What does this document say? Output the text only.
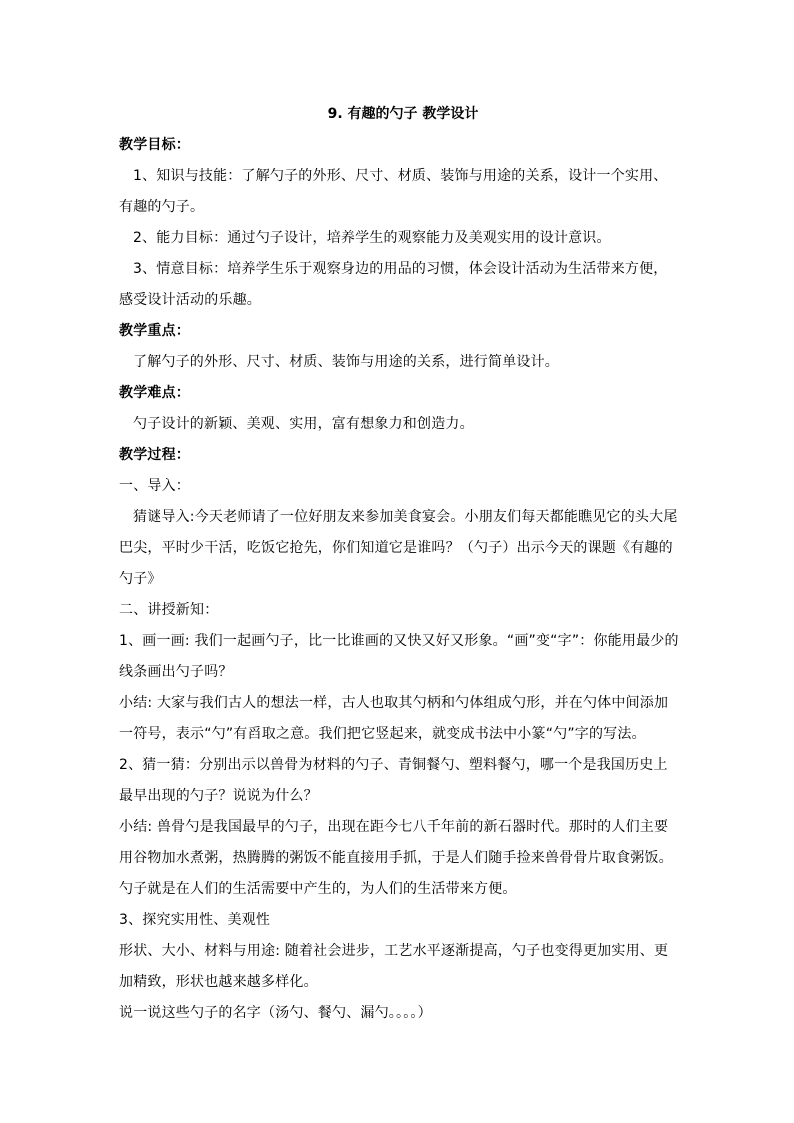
9. 有趣的勺子 教学设计

教学目标：

1、知识与技能：了解勺子的外形、尺寸、材质、装饰与用途的关系，设计一个实用、有趣的勺子。

2、能力目标：通过勺子设计，培养学生的观察能力及美观实用的设计意识。

3、情意目标：培养学生乐于观察身边的用品的习惯，体会设计活动为生活带来方便，感受设计活动的乐趣。

教学重点：

了解勺子的外形、尺寸、材质、装饰与用途的关系，进行简单设计。

教学难点：

勺子设计的新颖、美观、实用，富有想象力和创造力。

教学过程：

一、导入：

猜谜导入:今天老师请了一位好朋友来参加美食宴会。小朋友们每天都能瞧见它的头大尾巴尖，平时少干活，吃饭它抢先，你们知道它是谁吗？（勺子）出示今天的课题《有趣的勺子》

二、讲授新知：

1、画一画: 我们一起画勺子，比一比谁画的又快又好又形象。“画”变“字”：你能用最少的线条画出勺子吗？

小结: 大家与我们古人的想法一样，古人也取其勺柄和勺体组成勺形，并在勺体中间添加一符号，表示“勺”有舀取之意。我们把它竖起来，就变成书法中小篆“勺”字的写法。

2、猜一猜：分别出示以兽骨为材料的勺子、青铜餐勺、塑料餐勺，哪一个是我国历史上最早出现的勺子？说说为什么？

小结: 兽骨勺是我国最早的勺子，出现在距今七八千年前的新石器时代。那时的人们主要用谷物加水煮粥，热腾腾的粥饭不能直接用手抓，于是人们随手捡来兽骨骨片取食粥饭。勺子就是在人们的生活需要中产生的，为人们的生活带来方便。

3、探究实用性、美观性

形状、大小、材料与用途: 随着社会进步，工艺水平逐渐提高，勺子也变得更加实用、更加精致，形状也越来越多样化。

说一说这些勺子的名字（汤勺、餐勺、漏勺。。。。）
